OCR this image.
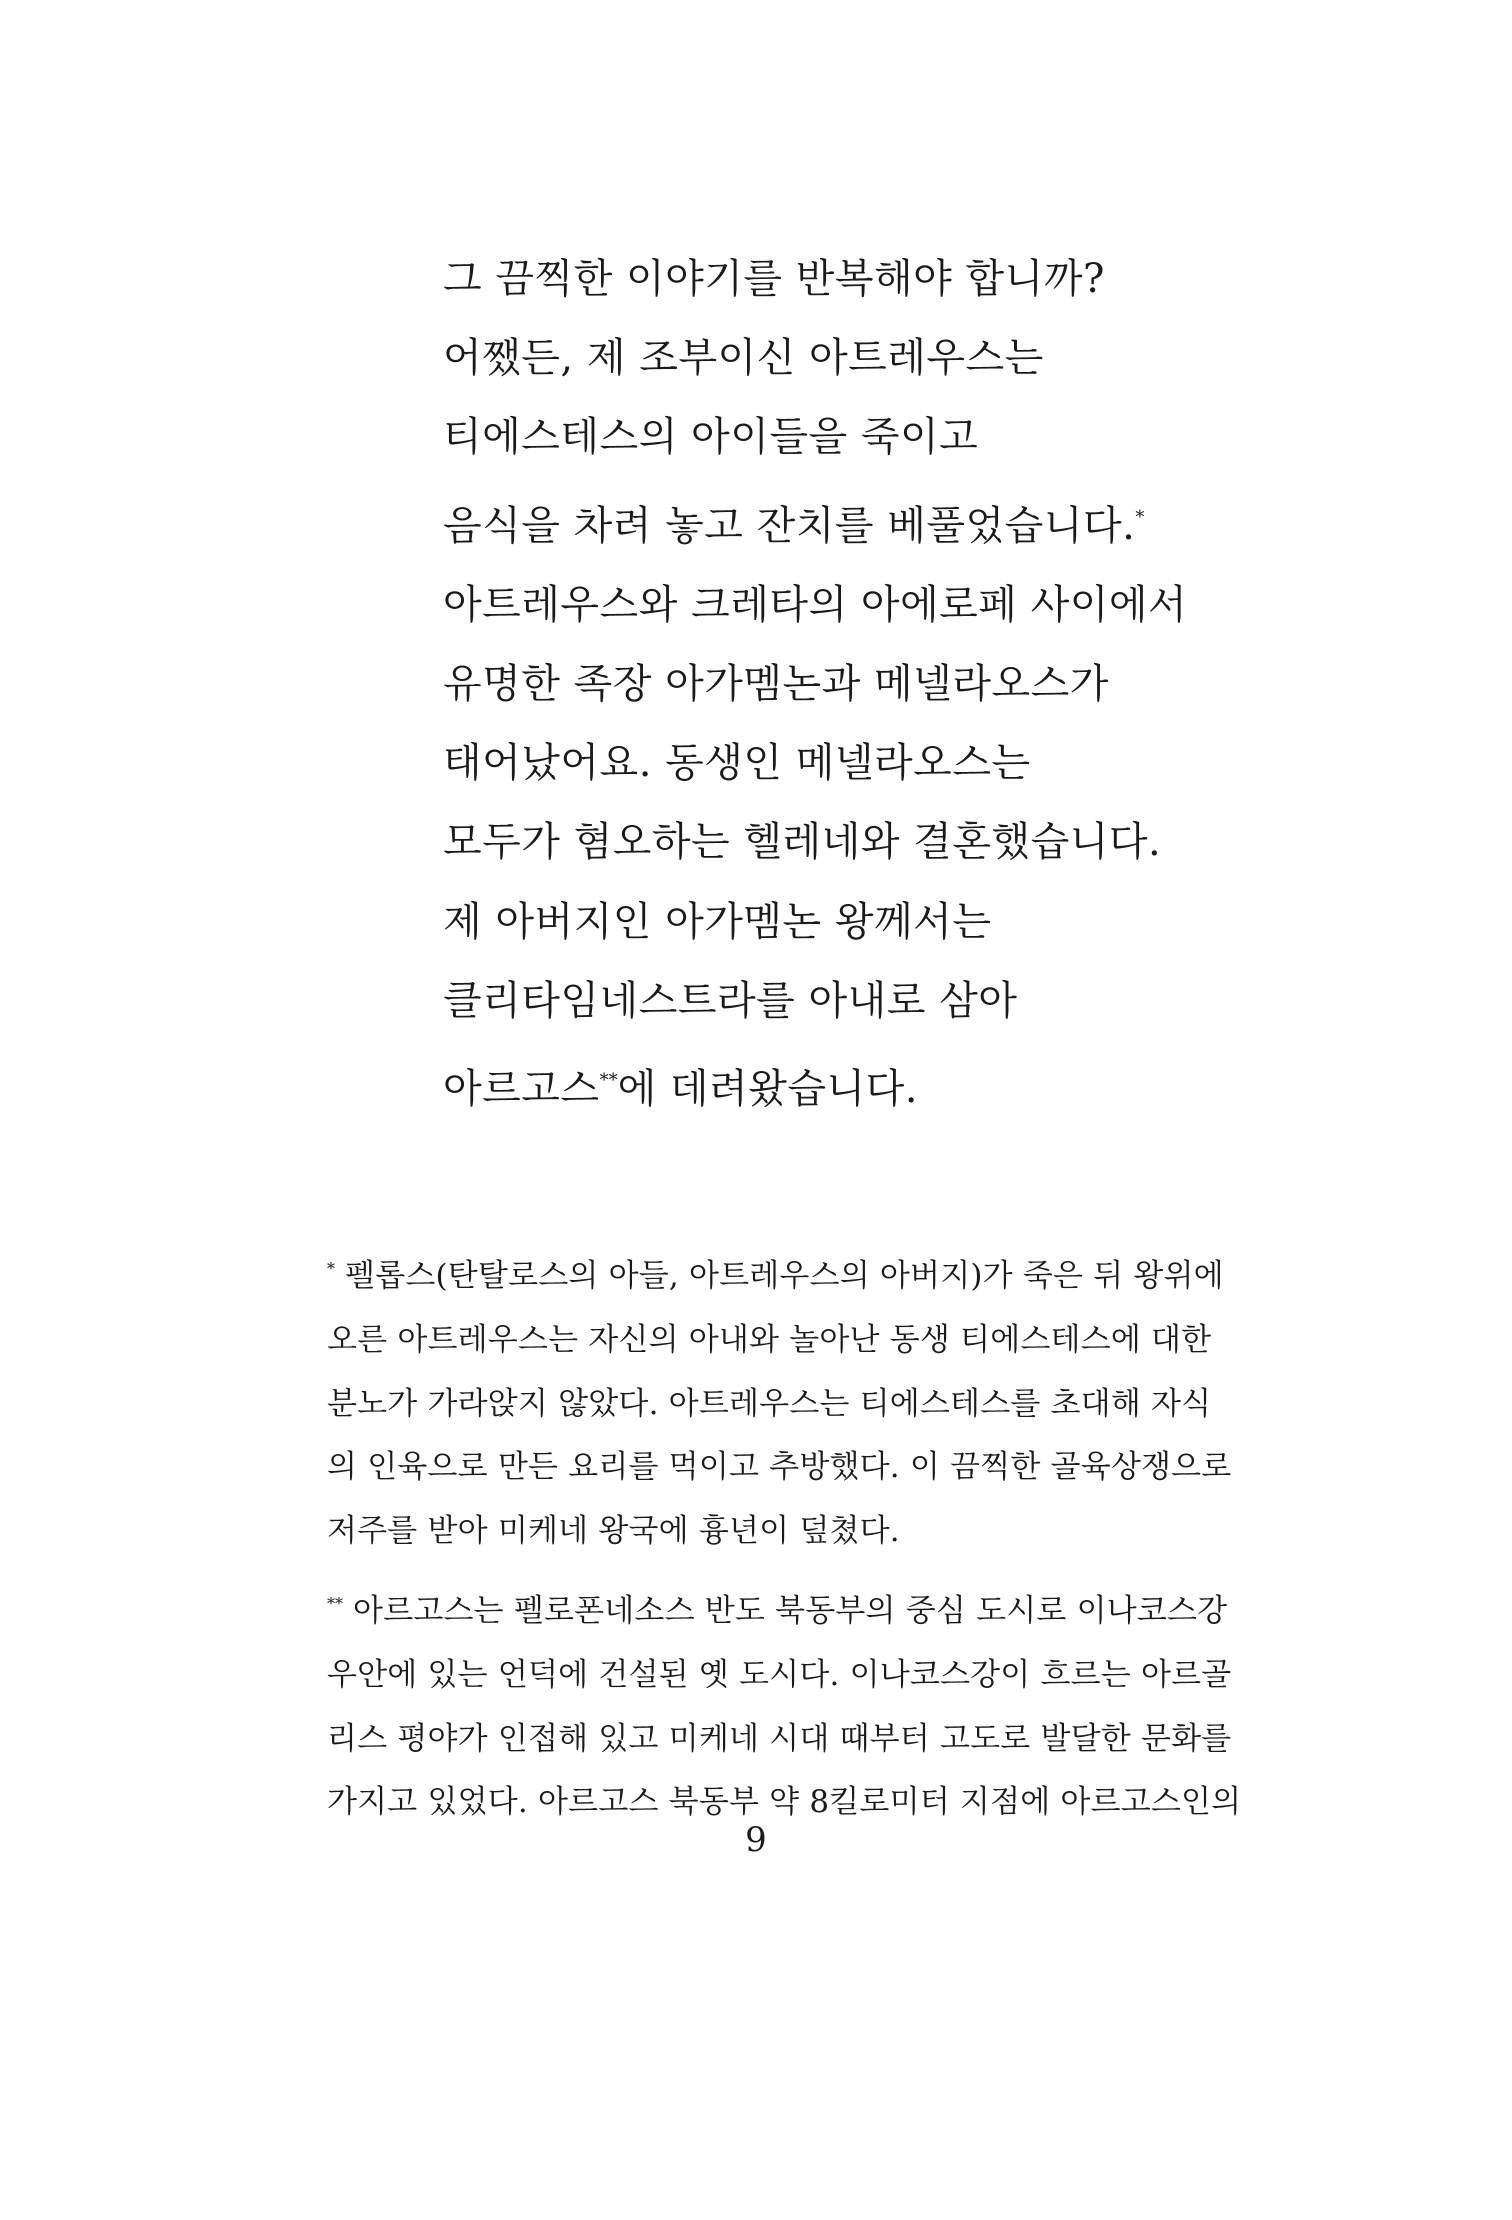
그 끔찍한 이야기를 반복해야 합니까?
어쨌든, 제 조부이신 아트레우스는
티에스테스의 아이들을 죽이고
음식을 차려 놓고 잔치를 베풀었습니다.*
아트레우스와 크레타의 아에로페 사이에서
유명한 족장 아가멤논과 메넬라오스가
태어났어요. 동생인 메넬라오스는
모두가 혐오하는 헬레네와 결혼했습니다.
제 아버지인 아가멤논 왕께서는
클리타임네스트라를 아내로 삼아
아르고스**에 데려왔습니다.
* 펠롭스(탄탈로스의 아들, 아트레우스의 아버지)가 죽은 뒤 왕위에
오른 아트레우스는 자신의 아내와 놀아난 동생 티에스테스에 대한
분노가 가라앉지 않았다. 아트레우스는 티에스테스를 초대해 자식
의 인육으로 만든 요리를 먹이고 추방했다. 이 끔찍한 골육상쟁으로
저주를 받아 미케네 왕국에 흉년이 덮쳤다.
** 아르고스는 펠로폰네소스 반도 북동부의 중심 도시로 이나코스강
우안에 있는 언덕에 건설된 옛 도시다. 이나코스강이 흐르는 아르골
리스 평야가 인접해 있고 미케네 시대 때부터 고도로 발달한 문화를
가지고 있었다. 아르고스 북동부 약 8킬로미터 지점에 아르고스인의
9
